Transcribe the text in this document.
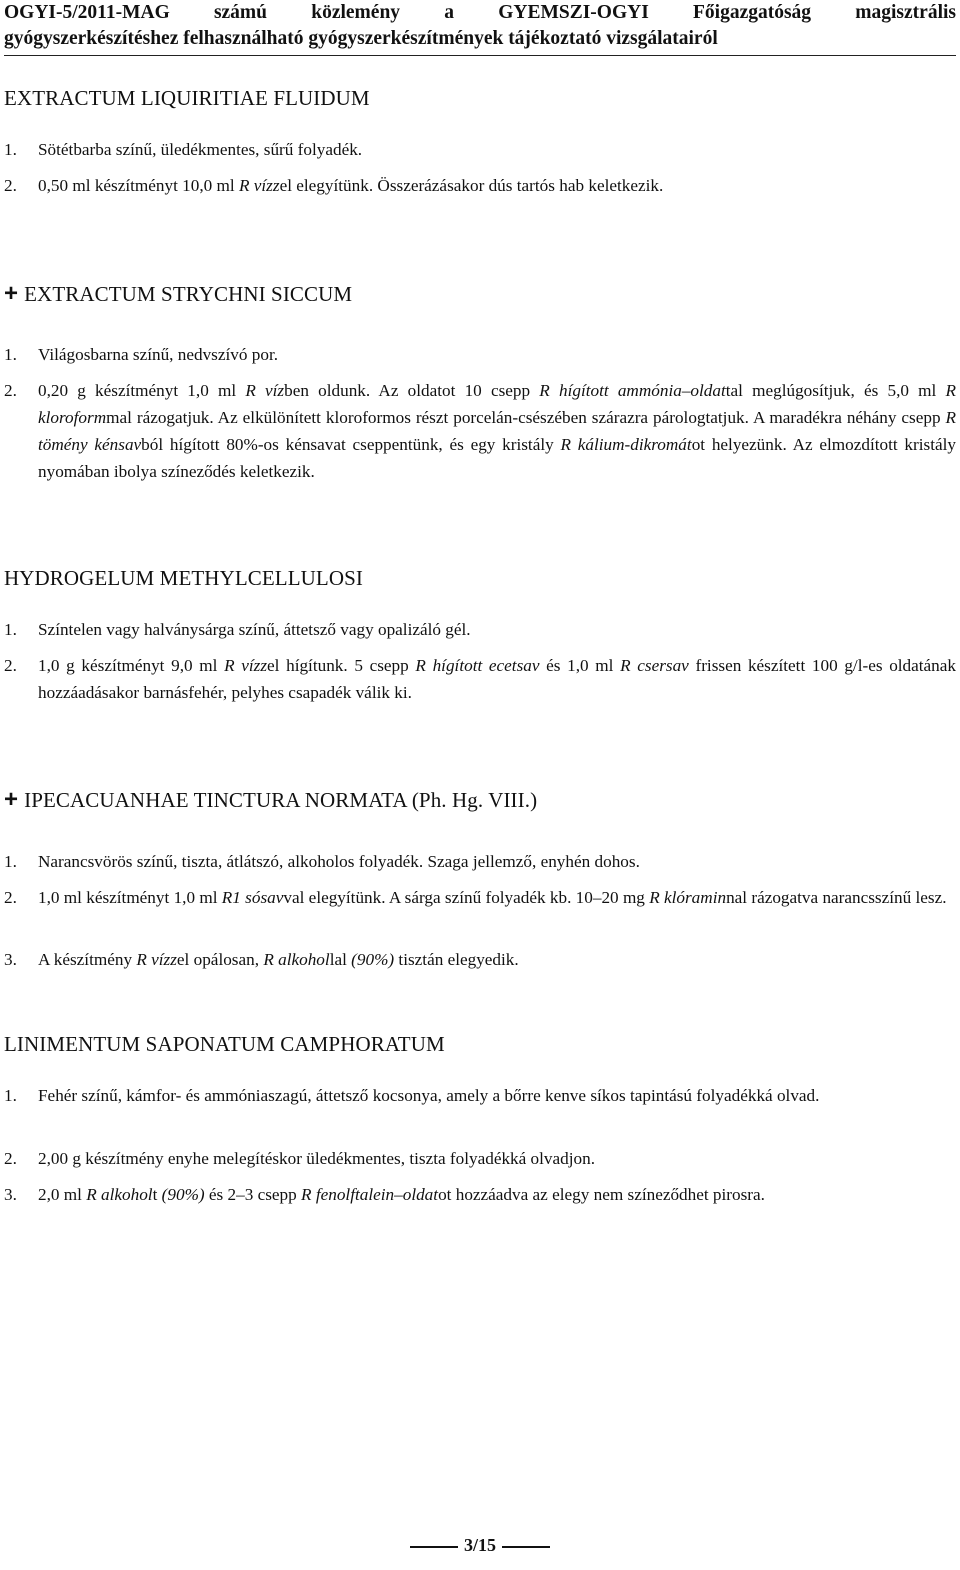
OGYI-5/2011-MAG számú közlemény a GYEMSZI-OGYI Főigazgatóság magisztrális
gyógyszerkészítéshez felhasználható gyógyszerkészítmények tájékoztató vizsgálatairól
EXTRACTUM LIQUIRITIAE FLUIDUM
1. Sötétbarba színű, üledékmentes, sűrű folyadék.
2. 0,50 ml készítményt 10,0 ml R vízzel elegyítünk. Összerázásakor dús tartós hab keletkezik.
+ EXTRACTUM STRYCHNI SICCUM
1. Világosbarna színű, nedvszívó por.
2. 0,20 g készítményt 1,0 ml R vízben oldunk. Az oldatot 10 csepp R hígított ammónia–oldattal meglúgosítjuk, és 5,0 ml R kloroformmal rázogatjuk. Az elkülönített kloroformos részt porcelán-csészében szárazra párologtatjuk. A maradékra néhány csepp R tömény kénsavból hígított 80%-os kénsavat cseppentünk, és egy kristály R kálium-dikromátot helyezünk. Az elmozdított kristály nyomában ibolya színeződés keletkezik.
HYDROGELUM METHYLCELLULOSI
1. Színtelen vagy halványsárga színű, áttetsző vagy opalizáló gél.
2. 1,0 g készítményt 9,0 ml R vízzel hígítunk. 5 csepp R hígított ecetsav és 1,0 ml R csersav frissen készített 100 g/l-es oldatának hozzáadásakor barnásfehér, pelyhes csapadék válik ki.
+ IPECACUANHAE TINCTURA NORMATA (Ph. Hg. VIII.)
1. Narancsvörös színű, tiszta, átlátszó, alkoholos folyadék. Szaga jellemző, enyhén dohos.
2. 1,0 ml készítményt 1,0 ml R1 sósavval elegyítünk. A sárga színű folyadék kb. 10–20 mg R klóraminnal rázogatva narancsszínű lesz.
3. A készítmény R vízzel opálosan, R alkohollal (90%) tisztán elegyedik.
LINIMENTUM SAPONATUM CAMPHORATUM
1. Fehér színű, kámfor- és ammóniaszagú, áttetsző kocsonya, amely a bőrre kenve síkos tapintású folyadékká olvad.
2. 2,00 g készítmény enyhe melegítéskor üledékmentes, tiszta folyadékká olvadjon.
3. 2,0 ml R alkoholt (90%) és 2–3 csepp R fenolftalein–oldatot hozzáadva az elegy nem színeződhet pirosra.
3/15
